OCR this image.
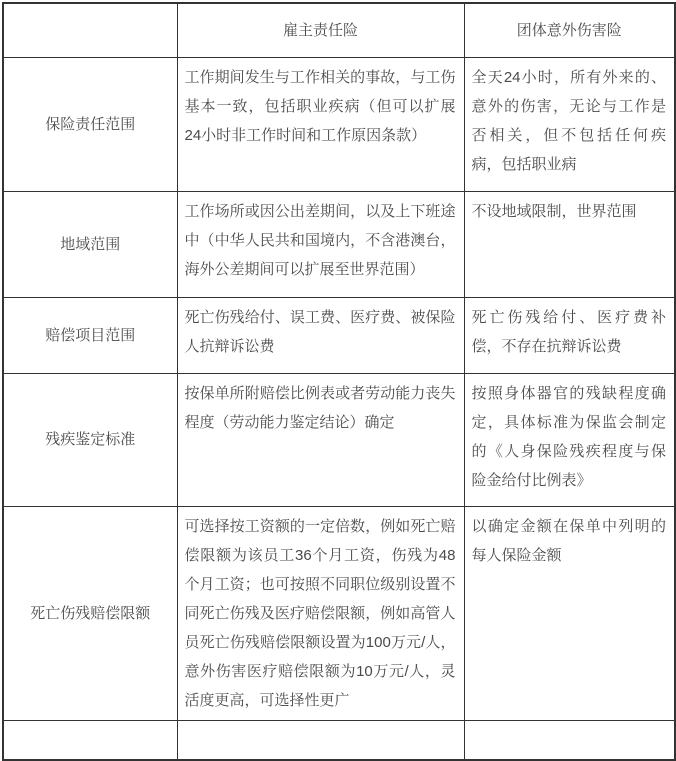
	雇主责任险	团体意外伤害险
保险责任范围	工作期间发生与工作相关的事故，与工伤基本一致，包括职业疾病（但可以扩展24小时非工作时间和工作原因条款）	全天24小时，所有外来的、意外的伤害，无论与工作是否相关，但不包括任何疾病，包括职业病
地域范围	工作场所或因公出差期间，以及上下班途中（中华人民共和国境内，不含港澳台，海外公差期间可以扩展至世界范围）	不设地域限制，世界范围
赔偿项目范围	死亡伤残给付、误工费、医疗费、被保险人抗辩诉讼费	死亡伤残给付、医疗费补偿，不存在抗辩诉讼费
残疾鉴定标准	按保单所附赔偿比例表或者劳动能力丧失程度（劳动能力鉴定结论）确定	按照身体器官的残缺程度确定，具体标准为保监会制定的《人身保险残疾程度与保险金给付比例表》
死亡伤残赔偿限额	可选择按工资额的一定倍数，例如死亡赔偿限额为该员工36个月工资，伤残为48个月工资；也可按照不同职位级别设置不同死亡伤残及医疗赔偿限额，例如高管人员死亡伤残赔偿限额设置为100万元/人，意外伤害医疗赔偿限额为10万元/人，灵活度更高，可选择性更广	以确定金额在保单中列明的每人保险金额
